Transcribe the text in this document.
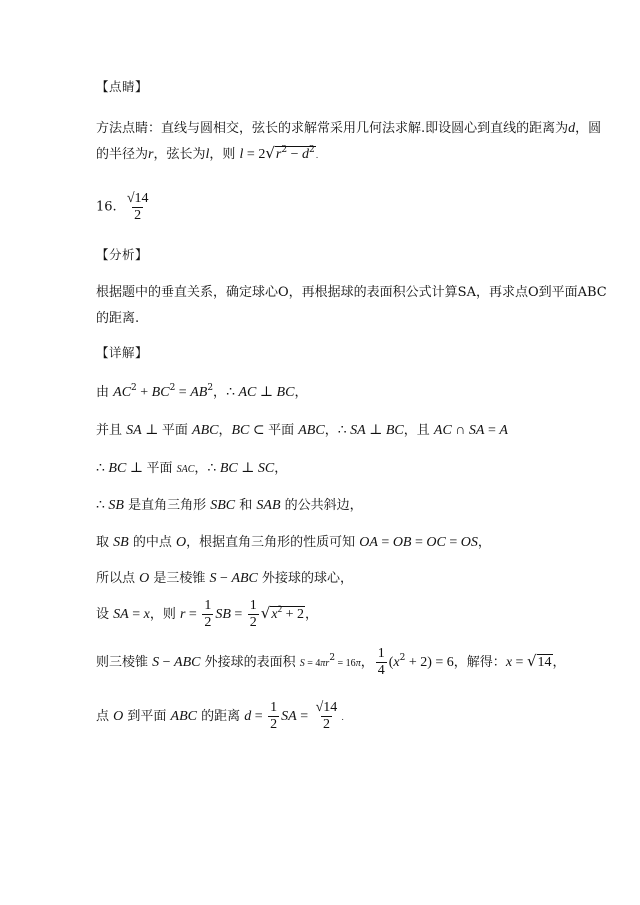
【点睛】
方法点睛：直线与圆相交，弦长的求解常采用几何法求解.即设圆心到直线的距离为d，圆
的半径为r，弦长为l，则 l = 2 √ $r^2 - d^2$
.
16. $\frac{√14}{2}$
【分析】
根据题中的垂直关系，确定球心O，再根据球的表面积公式计算SA，再求点O到平面ABC
的距离.
【详解】
由 $AC^2 + BC^2 = AB^2$，∴ AC ⊥ BC，
并且 SA ⊥ 平面 ABC，BC ⊂ 平面 ABC，∴ SA ⊥ BC，且 AC ∩ SA = A
∴ BC ⊥ 平面 SAC，∴ BC ⊥ SC，
∴ SB 是直角三角形 SBC 和 SAB 的公共斜边，
取 SB 的中点 O，根据直角三角形的性质可知 OA = OB = OC = OS，
所以点 O 是三棱锥 S − ABC 外接球的球心，
设 SA = x，则 $r = \frac{1}{2}$ SB = $\frac{1}{2}$ √ $x^2 + 2$ ，
则三棱锥 S − ABC 外接球的表面积 $S = 4\pi r^2 = 16\pi$， $\frac{1}{4} (x^2 + 2) = 6$，解得：x = √ 14 ，
点 O 到平面 ABC 的距离 $d = \frac{1}{2}$ SA = $\frac{√14}{2}$ .
